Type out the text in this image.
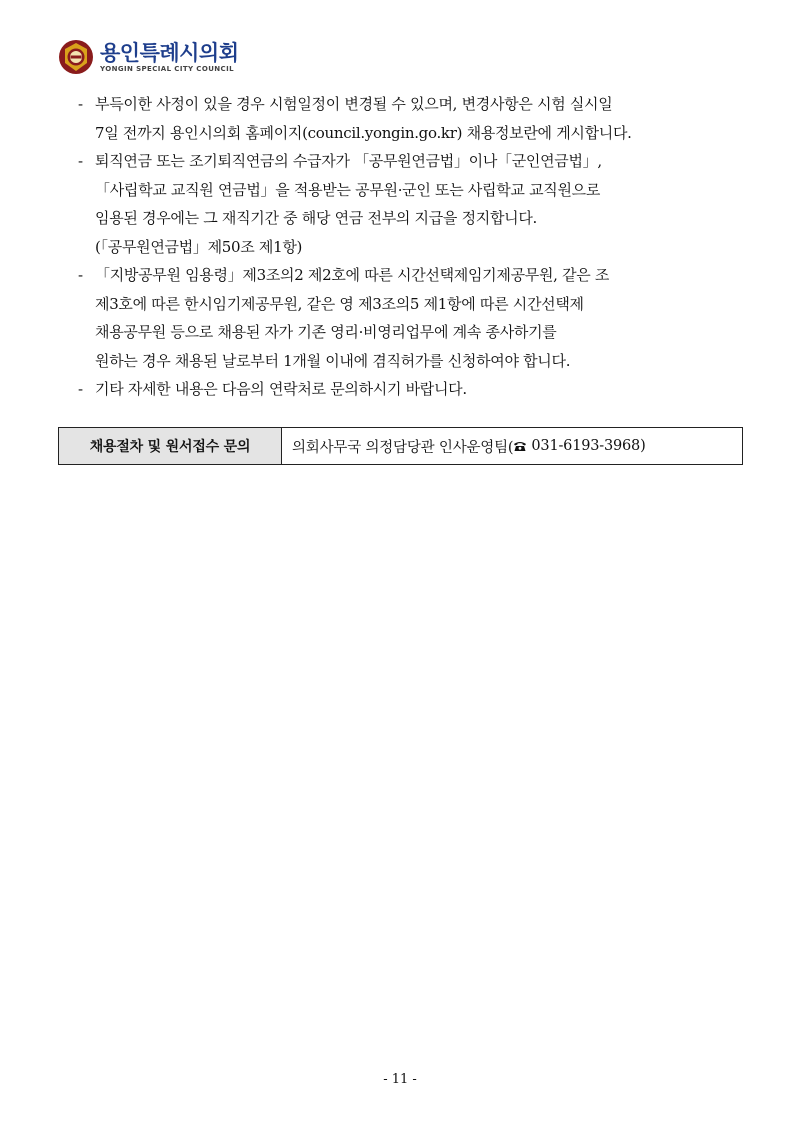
용인특례시의회
YONGIN SPECIAL CITY COUNCIL
- 부득이한 사정이 있을 경우 시험일정이 변경될 수 있으며, 변경사항은 시험 실시일
7일 전까지 용인시의회 홈페이지(council.yongin.go.kr) 채용정보란에 게시합니다.
- 퇴직연금 또는 조기퇴직연금의 수급자가 「공무원연금법」이나「군인연금법」,
「사립학교 교직원 연금법」을 적용받는 공무원·군인 또는 사립학교 교직원으로
임용된 경우에는 그 재직기간 중 해당 연금 전부의 지급을 정지합니다.
(「공무원연금법」제50조 제1항)
- 「지방공무원 임용령」제3조의2 제2호에 따른 시간선택제임기제공무원, 같은 조
제3호에 따른 한시임기제공무원, 같은 영 제3조의5 제1항에 따른 시간선택제
채용공무원 등으로 채용된 자가 기존 영리·비영리업무에 계속 종사하기를
원하는 경우 채용된 날로부터 1개월 이내에 겸직허가를 신청하여야 합니다.
- 기타 자세한 내용은 다음의 연락처로 문의하시기 바랍니다.
채용절차 및 원서접수 문의	의회사무국 의정담당관 인사운영팀( 031-6193-3968)
- 11 -
